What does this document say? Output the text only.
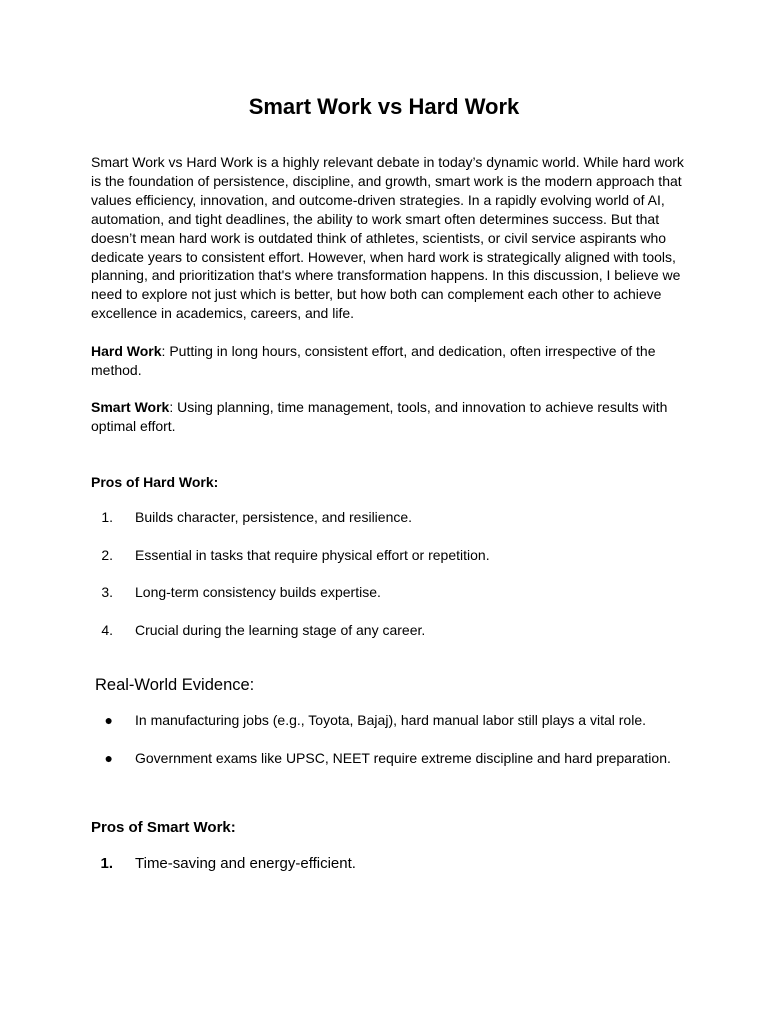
Smart Work vs Hard Work

Smart Work vs Hard Work is a highly relevant debate in today’s dynamic world. While hard work is the foundation of persistence, discipline, and growth, smart work is the modern approach that values efficiency, innovation, and outcome-driven strategies. In a rapidly evolving world of AI, automation, and tight deadlines, the ability to work smart often determines success. But that doesn’t mean hard work is outdated think of athletes, scientists, or civil service aspirants who dedicate years to consistent effort. However, when hard work is strategically aligned with tools, planning, and prioritization that's where transformation happens. In this discussion, I believe we need to explore not just which is better, but how both can complement each other to achieve excellence in academics, careers, and life.

Hard Work: Putting in long hours, consistent effort, and dedication, often irrespective of the method.

Smart Work: Using planning, time management, tools, and innovation to achieve results with optimal effort.

Pros of Hard Work:
1. Builds character, persistence, and resilience.
2. Essential in tasks that require physical effort or repetition.
3. Long-term consistency builds expertise.
4. Crucial during the learning stage of any career.
Real-World Evidence:
● In manufacturing jobs (e.g., Toyota, Bajaj), hard manual labor still plays a vital role.
● Government exams like UPSC, NEET require extreme discipline and hard preparation.
Pros of Smart Work:
1. Time-saving and energy-efficient.
